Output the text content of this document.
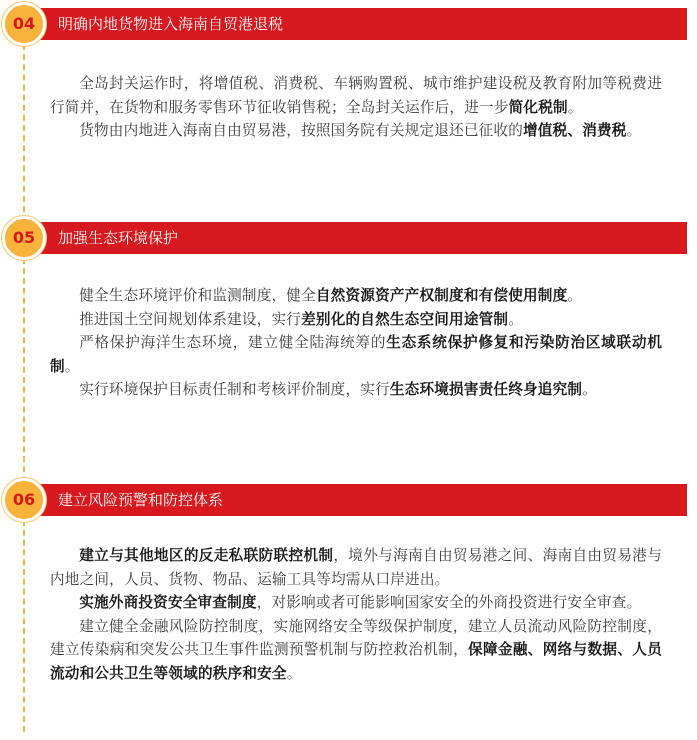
明确内地货物进入海南自贸港退税
04

全岛封关运作时，将增值税、消费税、车辆购置税、城市维护建设税及教育附加等税费进行简并，在货物和服务零售环节征收销售税；全岛封关运作后，进一步简化税制。

货物由内地进入海南自由贸易港，按照国务院有关规定退还已征收的增值税、消费税。

加强生态环境保护
05

健全生态环境评价和监测制度，健全自然资源资产产权制度和有偿使用制度。

推进国土空间规划体系建设，实行差别化的自然生态空间用途管制。

严格保护海洋生态环境，建立健全陆海统筹的生态系统保护修复和污染防治区域联动机制。

实行环境保护目标责任制和考核评价制度，实行生态环境损害责任终身追究制。

建立风险预警和防控体系
06

建立与其他地区的反走私联防联控机制，境外与海南自由贸易港之间、海南自由贸易港与内地之间，人员、货物、物品、运输工具等均需从口岸进出。

实施外商投资安全审查制度，对影响或者可能影响国家安全的外商投资进行安全审查。

建立健全金融风险防控制度，实施网络安全等级保护制度，建立人员流动风险防控制度，建立传染病和突发公共卫生事件监测预警机制与防控救治机制，保障金融、网络与数据、人员流动和公共卫生等领域的秩序和安全。
